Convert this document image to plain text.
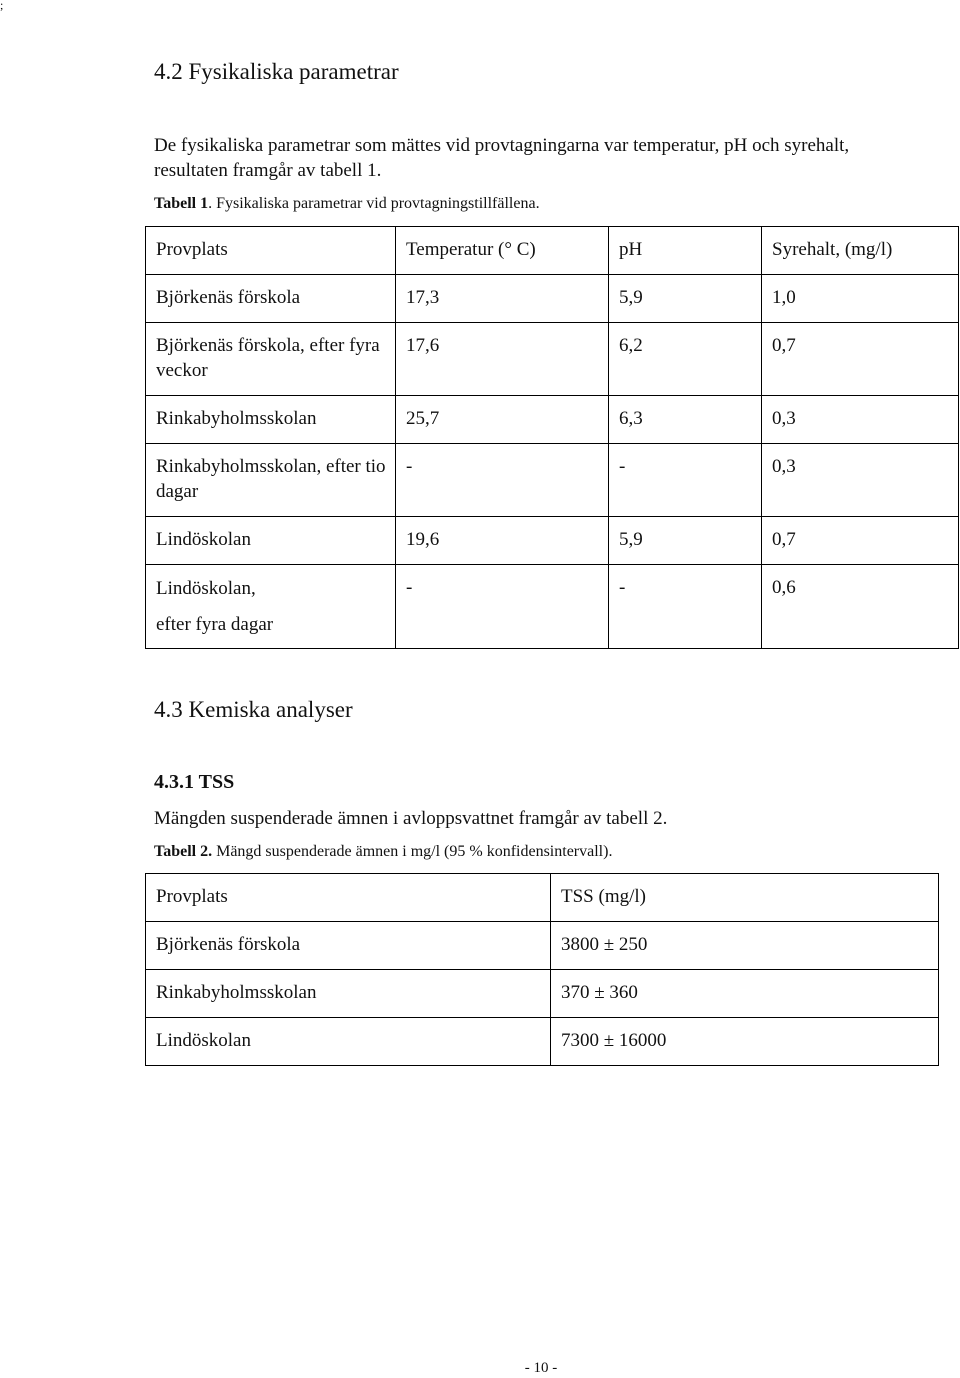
;
4.2 Fysikaliska parametrar
De fysikaliska parametrar som mättes vid provtagningarna var temperatur, pH och syrehalt, resultaten framgår av tabell 1.
Tabell 1. Fysikaliska parametrar vid provtagningstillfällena.
Provplats	Temperatur (° C)	pH	Syrehalt, (mg/l)
Björkenäs förskola	17,3	5,9	1,0
Björkenäs förskola, efter fyra veckor	17,6	6,2	0,7
Rinkabyholmsskolan	25,7	6,3	0,3
Rinkabyholmsskolan, efter tio dagar	-	-	0,3
Lindöskolan	19,6	5,9	0,7

Lindöskolan,
efter fyra dagar	-	-	0,6
4.3 Kemiska analyser
4.3.1 TSS
Mängden suspenderade ämnen i avloppsvattnet framgår av tabell 2.
Tabell 2. Mängd suspenderade ämnen i mg/l (95 % konfidensintervall).
Provplats	TSS (mg/l)
Björkenäs förskola	3800 ± 250
Rinkabyholmsskolan	370 ± 360
Lindöskolan	7300 ± 16000
- 10 -
